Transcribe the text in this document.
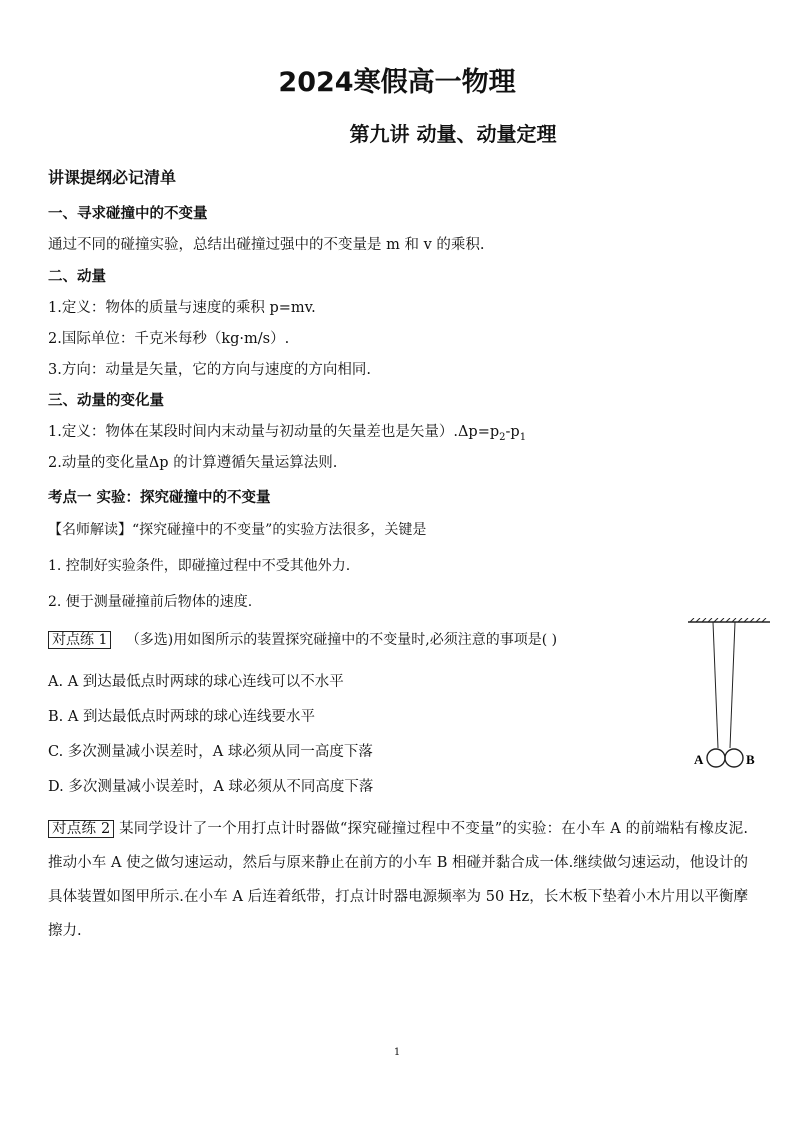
2024寒假高一物理
第九讲 动量、动量定理
讲课提纲必记清单
一、寻求碰撞中的不变量
通过不同的碰撞实验，总结出碰撞过强中的不变量是 m 和 v 的乘积.
二、动量
1.定义：物体的质量与速度的乘积 p=mv.
2.国际单位：千克米每秒（kg·m/s）.
3.方向：动量是矢量，它的方向与速度的方向相同.
三、动量的变化量
1.定义：物体在某段时间内末动量与初动量的矢量差也是矢量）$.\Delta p=p_2-p_1$
2.动量的变化量Δp 的计算遵循矢量运算法则.
考点一 实验：探究碰撞中的不变量
【名师解读】“探究碰撞中的不变量”的实验方法很多，关键是
1. 控制好实验条件，即碰撞过程中不受其他外力.
2. 便于测量碰撞前后物体的速度.
对点练 1 （多选)用如图所示的装置探究碰撞中的不变量时,必须注意的事项是( )
A. A 到达最低点时两球的球心连线可以不水平
B. A 到达最低点时两球的球心连线要水平
C. 多次测量减小误差时，A 球必须从同一高度下落
D. 多次测量减小误差时，A 球必须从不同高度下落
A	B
对点练 2 某同学设计了一个用打点计时器做“探究碰撞过程中不变量”的实验：在小车 A 的前端粘有橡皮泥.推动小车 A 使之做匀速运动，然后与原来静止在前方的小车 B 相碰并黏合成一体.继续做匀速运动，他设计的具体装置如图甲所示.在小车 A 后连着纸带，打点计时器电源频率为 50 Hz，长木板下垫着小木片用以平衡摩擦力.
1
